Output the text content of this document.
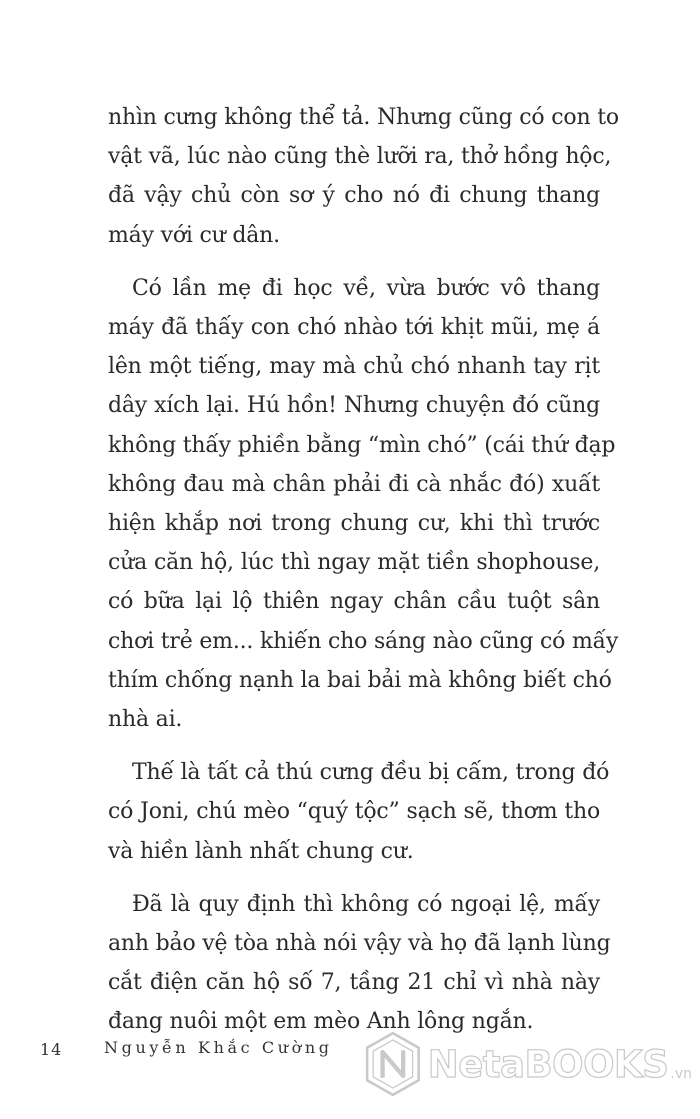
nhìn cưng không thể tả. Nhưng cũng có con to
vật vã, lúc nào cũng thè lưỡi ra, thở hồng hộc,
đã vậy chủ còn sơ ý cho nó đi chung thang
máy với cư dân.
Có lần mẹ đi học về, vừa bước vô thang
máy đã thấy con chó nhào tới khịt mũi, mẹ á
lên một tiếng, may mà chủ chó nhanh tay rịt
dây xích lại. Hú hồn! Nhưng chuyện đó cũng
không thấy phiền bằng “mìn chó” (cái thứ đạp
không đau mà chân phải đi cà nhắc đó) xuất
hiện khắp nơi trong chung cư, khi thì trước
cửa căn hộ, lúc thì ngay mặt tiền shophouse,
có bữa lại lộ thiên ngay chân cầu tuột sân
chơi trẻ em... khiến cho sáng nào cũng có mấy
thím chống nạnh la bai bải mà không biết chó
nhà ai.
Thế là tất cả thú cưng đều bị cấm, trong đó
có Joni, chú mèo “quý tộc” sạch sẽ, thơm tho
và hiền lành nhất chung cư.
Đã là quy định thì không có ngoại lệ, mấy
anh bảo vệ tòa nhà nói vậy và họ đã lạnh lùng
cắt điện căn hộ số 7, tầng 21 chỉ vì nhà này
đang nuôi một em mèo Anh lông ngắn.
14	Nguyễn Khắc Cường	NetaBOOKS .vn
